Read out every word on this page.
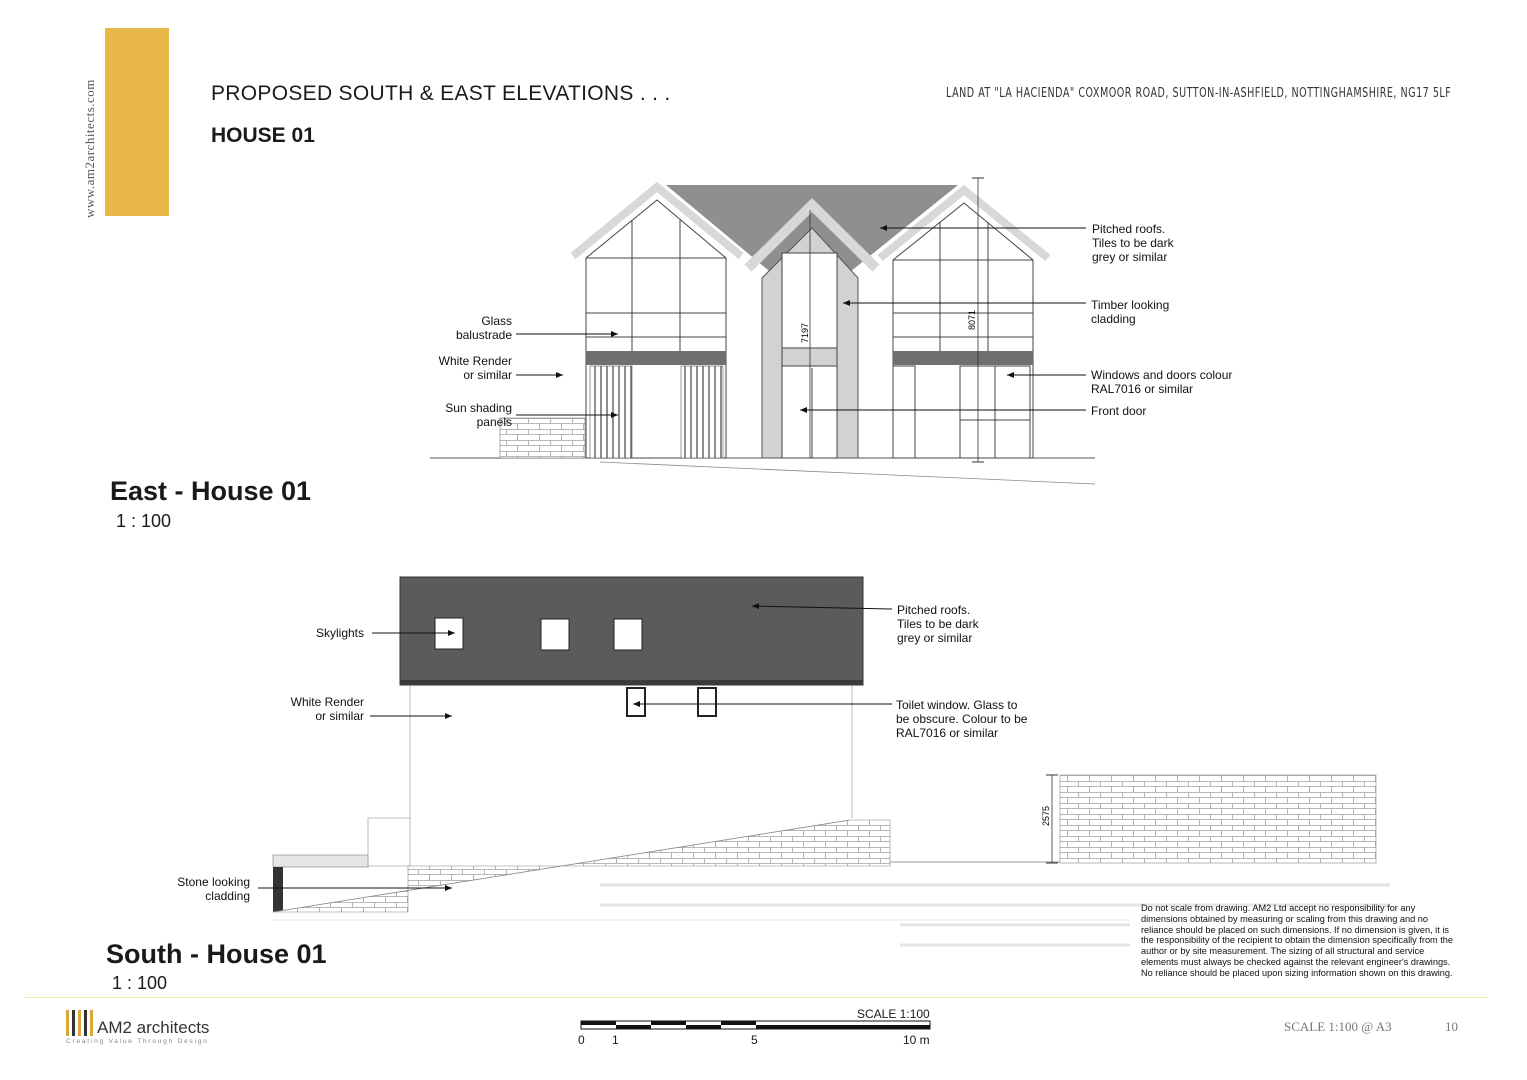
www.am2architects.com	PROPOSED SOUTH & EAST ELEVATIONS . . .
HOUSE 01
LAND AT "LA HACIENDA" COXMOOR ROAD, SUTTON-IN-ASHFIELD, NOTTINGHAMSHIRE, NG17 5LF
7197
8071
2575
Glass
balustrade
White Render
or similar
Sun shading
panels
Pitched roofs.
Tiles to be dark
grey or similar
Timber looking
cladding
Windows and doors colour
RAL7016 or similar
Front door
East - House 01
1 : 100
Skylights
White Render
or similar
Stone looking
cladding
Pitched roofs.
Tiles to be dark
grey or similar
Toilet window. Glass to
be obscure. Colour to be
RAL7016 or similar
South - House 01
1 : 100
Do not scale from drawing. AM2 Ltd accept no responsibility for any dimensions obtained by measuring or scaling from this drawing and no reliance should be placed on such dimensions. If no dimension is given, it is the responsibility of the recipient to obtain the dimension specifically from the author or by site measurement. The sizing of all structural and service elements must always be checked against the relevant engineer's drawings. No reliance should be placed upon sizing information shown on this drawing.
AM2 architects
Creating Value Through Design
SCALE 1:100
0 1	5	10 m
SCALE 1:100 @ A3	10
